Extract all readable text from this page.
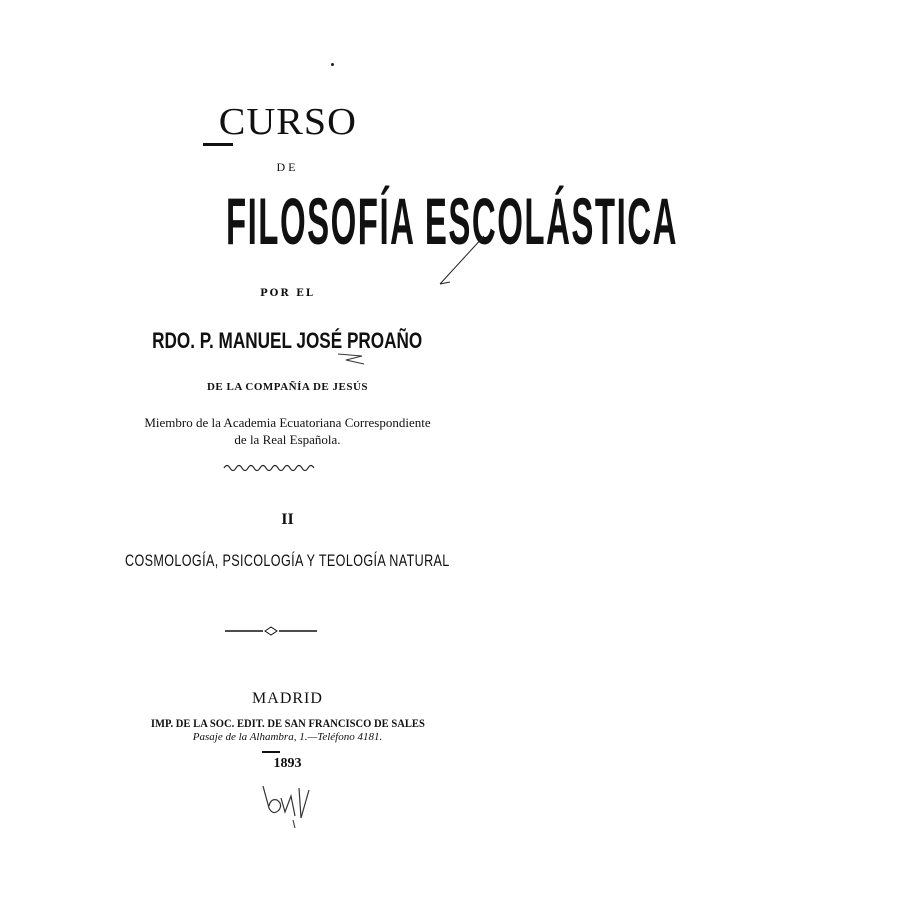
CURSO
DE
FILOSOFÍA ESCOLÁSTICA
POR EL
RDO. P. MANUEL JOSÉ PROAÑO
DE LA COMPAÑÍA DE JESÚS
Miembro de la Academia Ecuatoriana Correspondiente
de la Real Española.
II
COSMOLOGÍA, PSICOLOGÍA Y TEOLOGÍA NATURAL
MADRID
IMP. DE LA SOC. EDIT. DE SAN FRANCISCO DE SALES
Pasaje de la Alhambra, 1.—Teléfono 4181.
1893
